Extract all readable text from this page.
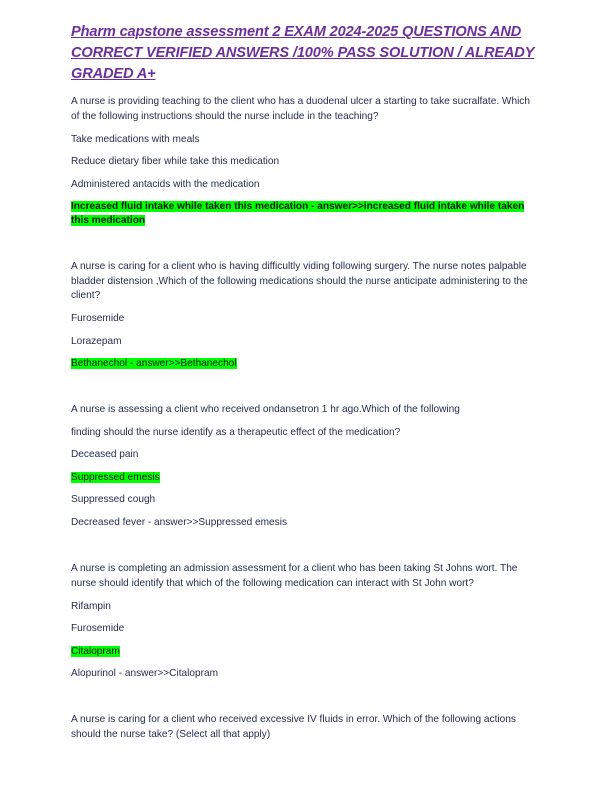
Pharm capstone assessment 2 EXAM 2024-2025 QUESTIONS AND CORRECT VERIFIED ANSWERS /100% PASS SOLUTION / ALREADY GRADED A+

A nurse is providing teaching to the client who has a duodenal ulcer a starting to take sucralfate. Which of the following instructions should the nurse include in the teaching?

Take medications with meals

Reduce dietary fiber while take this medication

Administered antacids with the medication

Increased fluid intake while taken this medication - answer>>increased fluid intake while taken this medication

A nurse is caring for a client who is having difficultly viding following surgery. The nurse notes palpable bladder distension ,Which of the following medications should the nurse anticipate administering to the client?

Furosemide

Lorazepam

Bethanechol - answer>>Bethanechol

A nurse is assessing a client who received ondansetron 1 hr ago.Which of the following

finding should the nurse identify as a therapeutic effect of the medication?

Deceased pain

Suppressed emesis

Suppressed cough

Decreased fever - answer>>Suppressed emesis

A nurse is completing an admission assessment for a client who has been taking St Johns wort. The nurse should identify that which of the following medication can interact with St John wort?

Rifampin

Furosemide

Citalopram

Alopurinol - answer>>Citalopram

A nurse is caring for a client who received excessive IV fluids in error. Which of the following actions should the nurse take? (Select all that apply)
